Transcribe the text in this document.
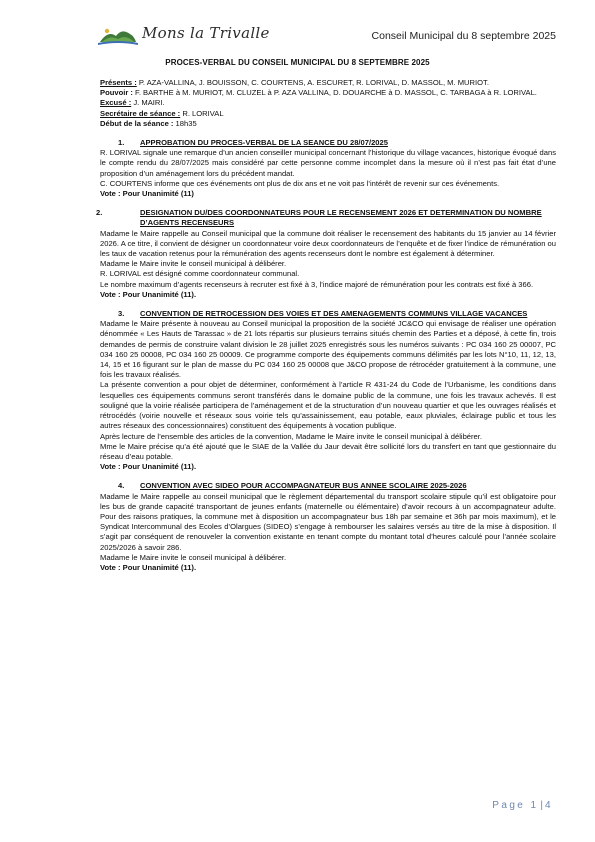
Mons la Trivalle	Conseil Municipal du 8 septembre 2025
PROCES-VERBAL DU CONSEIL MUNICIPAL DU 8 SEPTEMBRE 2025

Présents : P. AZA-VALLINA, J. BOUISSON, C. COURTENS, A. ESCURET, R. LORIVAL, D. MASSOL, M. MURIOT.

Pouvoir : F. BARTHE à M. MURIOT, M. CLUZEL à P. AZA VALLINA, D. DOUARCHE à D. MASSOL, C. TARBAGA à R. LORIVAL.

Excusé : J. MAIRI.

Secrétaire de séance : R. LORIVAL

Début de la séance : 18h35

1. APPROBATION DU PROCES-VERBAL DE LA SEANCE DU 28/07/2025

R. LORIVAL signale une remarque d’un ancien conseiller municipal concernant l’historique du village vacances, historique évoqué dans le compte rendu du 28/07/2025 mais considéré par cette personne comme incomplet dans la mesure où il n’est pas fait état d’une proposition d’un aménagement lors du précédent mandat.

C. COURTENS informe que ces événements ont plus de dix ans et ne voit pas l’intérêt de revenir sur ces événements.

Vote : Pour Unanimité (11)

2.	DESIGNATION DU/DES COORDONNATEURS POUR LE RECENSEMENT 2026 ET DETERMINATION DU NOMBRE D’AGENTS RECENSEURS

Madame le Maire rappelle au Conseil municipal que la commune doit réaliser le recensement des habitants du 15 janvier au 14 février 2026. A ce titre, il convient de désigner un coordonnateur voire deux coordonnateurs de l’enquête et de fixer l’indice de rémunération ou les taux de vacation retenus pour la rémunération des agents recenseurs dont le nombre est également à déterminer.

Madame le Maire invite le conseil municipal à délibérer.

R. LORIVAL est désigné comme coordonnateur communal.

Le nombre maximum d’agents recenseurs à recruter est fixé à 3, l’indice majoré de rémunération pour les contrats est fixé à 366.

Vote : Pour Unanimité (11).

3. CONVENTION DE RETROCESSION DES VOIES ET DES AMENAGEMENTS COMMUNS VILLAGE VACANCES

Madame le Maire présente à nouveau au Conseil municipal la proposition de la société JC&CO qui envisage de réaliser une opération dénommée « Les Hauts de Tarassac » de 21 lots répartis sur plusieurs terrains situés chemin des Parties et a déposé, à cette fin, trois demandes de permis de construire valant division le 28 juillet 2025 enregistrés sous les numéros suivants : PC 034 160 25 00007, PC 034 160 25 00008, PC 034 160 25 00009. Ce programme comporte des équipements communs délimités par les lots N°10, 11, 12, 13, 14, 15 et 16 figurant sur le plan de masse du PC 034 160 25 00008 que J&CO propose de rétrocéder gratuitement à la commune, une fois les travaux réalisés.

La présente convention a pour objet de déterminer, conformément à l’article R 431-24 du Code de l’Urbanisme, les conditions dans lesquelles ces équipements communs seront transférés dans le domaine public de la commune, une fois les travaux achevés. Il est souligné que la voirie réalisée participera de l’aménagement et de la structuration d’un nouveau quartier et que les ouvrages réalisés et rétrocédés (voirie nouvelle et réseaux sous voirie tels qu’assainissement, eau potable, eaux pluviales, éclairage public et tous les autres réseaux des concessionnaires) constituent des équipements à vocation publique.

Après lecture de l’ensemble des articles de la convention, Madame le Maire invite le conseil municipal à délibérer.

Mme le Maire précise qu’a été ajouté que le SIAE de la Vallée du Jaur devait être sollicité lors du transfert en tant que gestionnaire du réseau d’eau potable.

Vote : Pour Unanimité (11).

4. CONVENTION AVEC SIDEO POUR ACCOMPAGNATEUR BUS ANNEE SCOLAIRE 2025-2026

Madame le Maire rappelle au conseil municipal que le règlement départemental du transport scolaire stipule qu’il est obligatoire pour les bus de grande capacité transportant de jeunes enfants (maternelle ou élémentaire) d’avoir recours à un accompagnateur adulte. Pour des raisons pratiques, la commune met à disposition un accompagnateur bus 18h par semaine et 36h par mois maximum), et le Syndicat Intercommunal des Ecoles d’Olargues (SIDEO) s’engage à rembourser les salaires versés au titre de la mise à disposition. Il s’agit par conséquent de renouveler la convention existante en tenant compte du montant total d’heures calculé pour l’année scolaire 2025/2026 à savoir 286.

Madame le Maire invite le conseil municipal à délibérer.

Vote : Pour Unanimité (11).

Page 1 | 4
